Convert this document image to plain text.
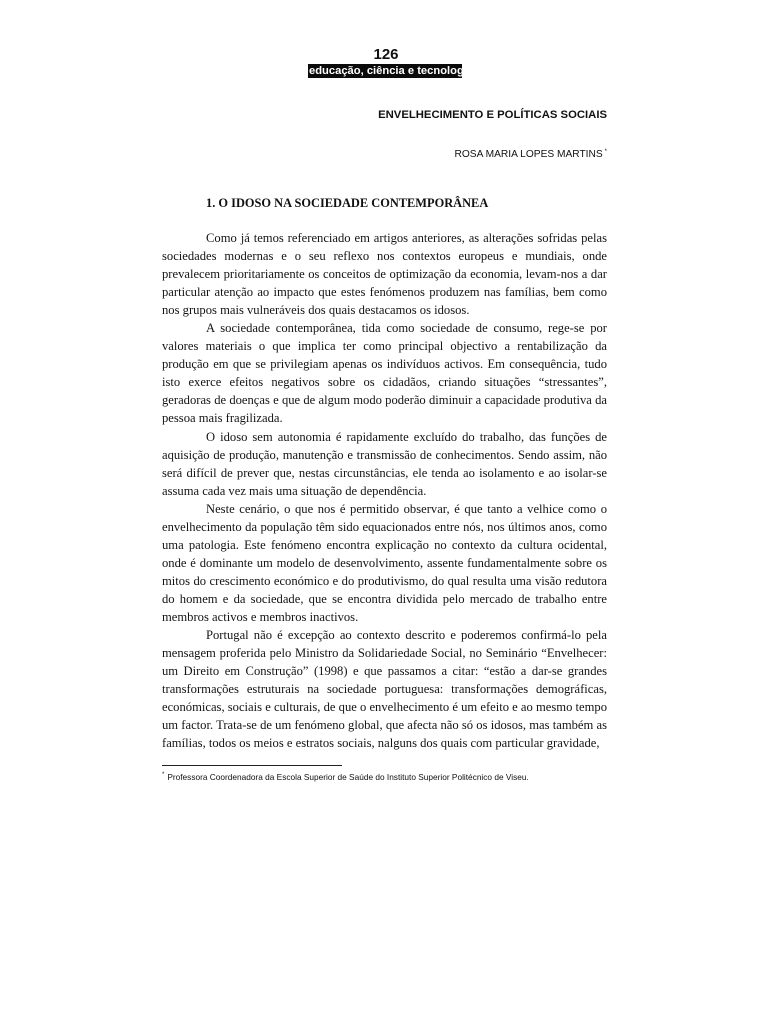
126
educação, ciência e tecnologia
ENVELHECIMENTO E POLÍTICAS SOCIAIS
ROSA MARIA LOPES MARTINS *
1. O IDOSO NA SOCIEDADE CONTEMPORÂNEA

Como já temos referenciado em artigos anteriores, as alterações sofridas pelas sociedades modernas e o seu reflexo nos contextos europeus e mundiais, onde prevalecem prioritariamente os conceitos de optimização da economia, levam-nos a dar particular atenção ao impacto que estes fenómenos produzem nas famílias, bem como nos grupos mais vulneráveis dos quais destacamos os idosos.

A sociedade contemporânea, tida como sociedade de consumo, rege-se por valores materiais o que implica ter como principal objectivo a rentabilização da produção em que se privilegiam apenas os indivíduos activos. Em consequência, tudo isto exerce efeitos negativos sobre os cidadãos, criando situações “stressantes”, geradoras de doenças e que de algum modo poderão diminuir a capacidade produtiva da pessoa mais fragilizada.

O idoso sem autonomia é rapidamente excluído do trabalho, das funções de aquisição de produção, manutenção e transmissão de conhecimentos. Sendo assim, não será difícil de prever que, nestas circunstâncias, ele tenda ao isolamento e ao isolar-se assuma cada vez mais uma situação de dependência.

Neste cenário, o que nos é permitido observar, é que tanto a velhice como o envelhecimento da população têm sido equacionados entre nós, nos últimos anos, como uma patologia. Este fenómeno encontra explicação no contexto da cultura ocidental, onde é dominante um modelo de desenvolvimento, assente fundamentalmente sobre os mitos do crescimento económico e do produtivismo, do qual resulta uma visão redutora do homem e da sociedade, que se encontra dividida pelo mercado de trabalho entre membros activos e membros inactivos.

Portugal não é excepção ao contexto descrito e poderemos confirmá-lo pela mensagem proferida pelo Ministro da Solidariedade Social, no Seminário “Envelhecer: um Direito em Construção” (1998) e que passamos a citar: “estão a dar-se grandes transformações estruturais na sociedade portuguesa: transformações demográficas, económicas, sociais e culturais, de que o envelhecimento é um efeito e ao mesmo tempo um factor. Trata-se de um fenómeno global, que afecta não só os idosos, mas também as famílias, todos os meios e estratos sociais, nalguns dos quais com particular gravidade,

* Professora Coordenadora da Escola Superior de Saúde do Instituto Superior Politécnico de Viseu.
